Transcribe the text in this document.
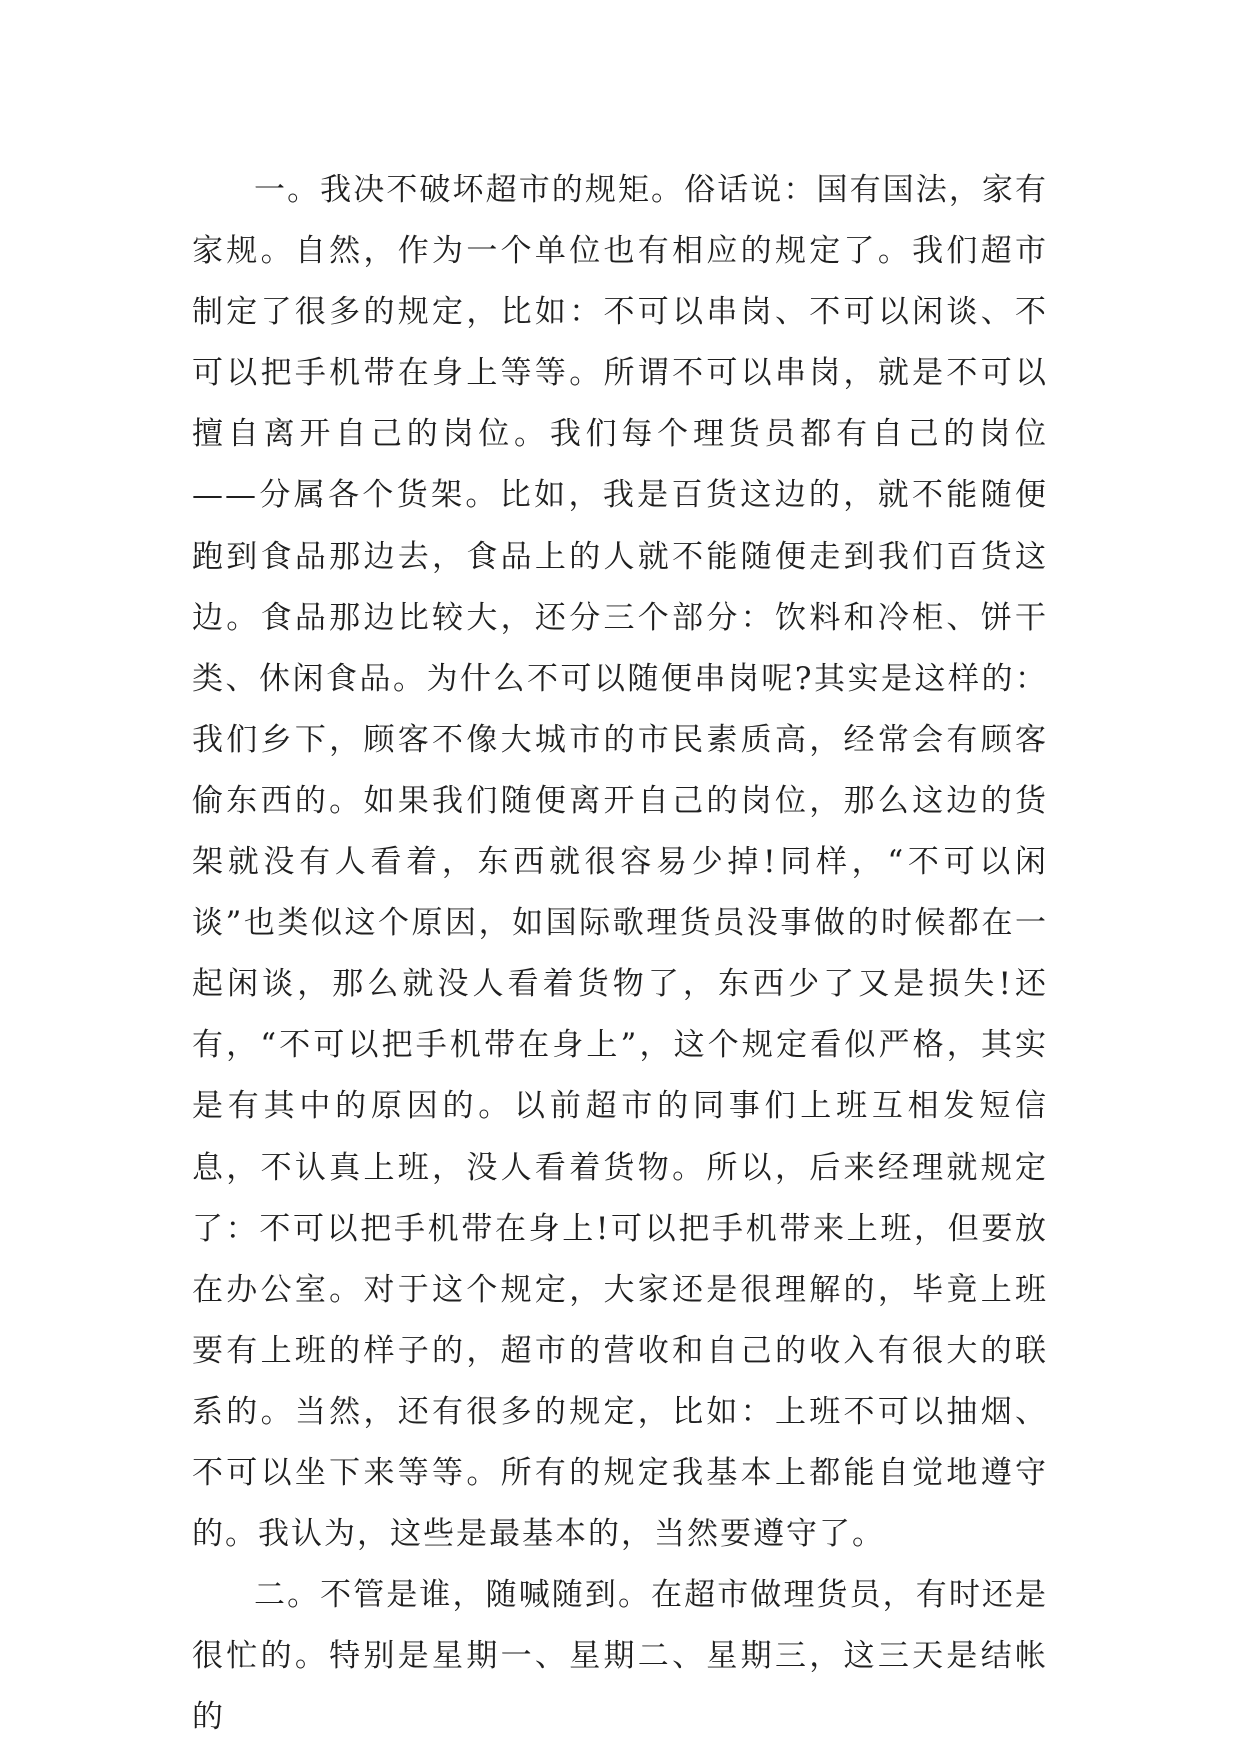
一。我决不破坏超市的规矩。俗话说：国有国法，家有家规。自然，作为一个单位也有相应的规定了。我们超市制定了很多的规定，比如：不可以串岗、不可以闲谈、不可以把手机带在身上等等。所谓不可以串岗，就是不可以擅自离开自己的岗位。我们每个理货员都有自己的岗位——分属各个货架。比如，我是百货这边的，就不能随便跑到食品那边去，食品上的人就不能随便走到我们百货这边。食品那边比较大，还分三个部分：饮料和冷柜、饼干类、休闲食品。为什么不可以随便串岗呢?其实是这样的：我们乡下，顾客不像大城市的市民素质高，经常会有顾客偷东西的。如果我们随便离开自己的岗位，那么这边的货架就没有人看着，东西就很容易少掉!同样，“不可以闲谈”也类似这个原因，如国际歌理货员没事做的时候都在一起闲谈，那么就没人看着货物了，东西少了又是损失!还有，“不可以把手机带在身上”，这个规定看似严格，其实是有其中的原因的。以前超市的同事们上班互相发短信息，不认真上班，没人看着货物。所以，后来经理就规定了：不可以把手机带在身上!可以把手机带来上班，但要放在办公室。对于这个规定，大家还是很理解的，毕竟上班要有上班的样子的，超市的营收和自己的收入有很大的联系的。当然，还有很多的规定，比如：上班不可以抽烟、不可以坐下来等等。所有的规定我基本上都能自觉地遵守的。我认为，这些是最基本的，当然要遵守了。

二。不管是谁，随喊随到。在超市做理货员，有时还是很忙的。特别是星期一、星期二、星期三，这三天是结帐的
